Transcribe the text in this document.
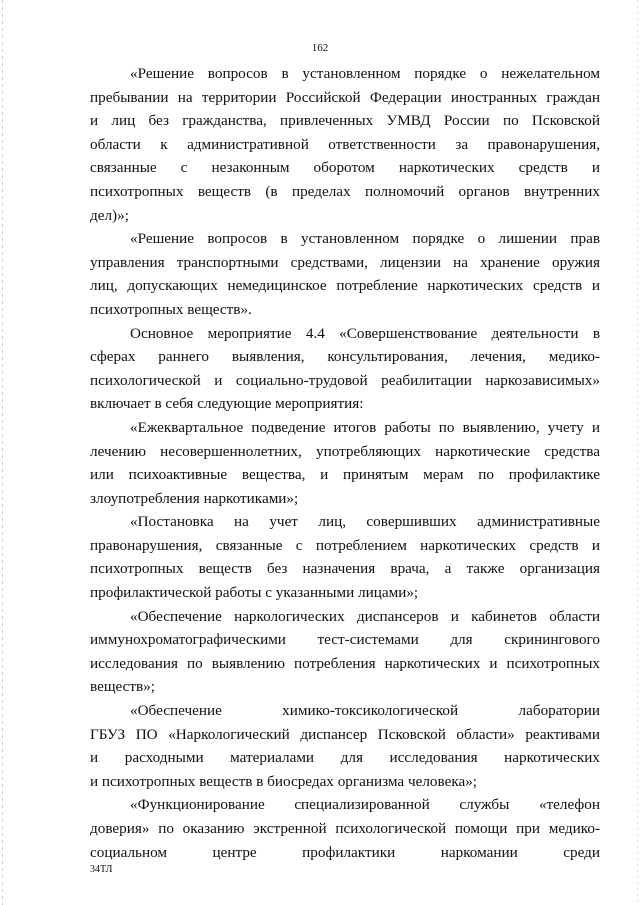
162
«Решение вопросов в установленном порядке о нежелательном
пребывании на территории Российской Федерации иностранных граждан
и лиц без гражданства, привлеченных УМВД России по Псковской
области к административной ответственности за правонарушения,
связанные с незаконным оборотом наркотических средств и
психотропных веществ (в пределах полномочий органов внутренних
дел)»;
«Решение вопросов в установленном порядке о лишении прав
управления транспортными средствами, лицензии на хранение оружия
лиц, допускающих немедицинское потребление наркотических средств и
психотропных веществ».
Основное мероприятие 4.4 «Совершенствование деятельности в
сферах раннего выявления, консультирования, лечения, медико-
психологической и социально-трудовой реабилитации наркозависимых»
включает в себя следующие мероприятия:
«Ежеквартальное подведение итогов работы по выявлению, учету и
лечению несовершеннолетних, употребляющих наркотические средства
или психоактивные вещества, и принятым мерам по профилактике
злоупотребления наркотиками»;
«Постановка на учет лиц, совершивших административные
правонарушения, связанные с потреблением наркотических средств и
психотропных веществ без назначения врача, а также организация
профилактической работы с указанными лицами»;
«Обеспечение наркологических диспансеров и кабинетов области
иммунохроматографическими тест-системами для скринингового
исследования по выявлению потребления наркотических и психотропных
веществ»;
«Обеспечение химико-токсикологической лаборатории
ГБУЗ ПО «Наркологический диспансер Псковской области» реактивами
и расходными материалами для исследования наркотических
и психотропных веществ в биосредах организма человека»;
«Функционирование специализированной службы «телефон
доверия» по оказанию экстренной психологической помощи при медико-
социальном центре профилактики наркомании среди
34ТЛ
